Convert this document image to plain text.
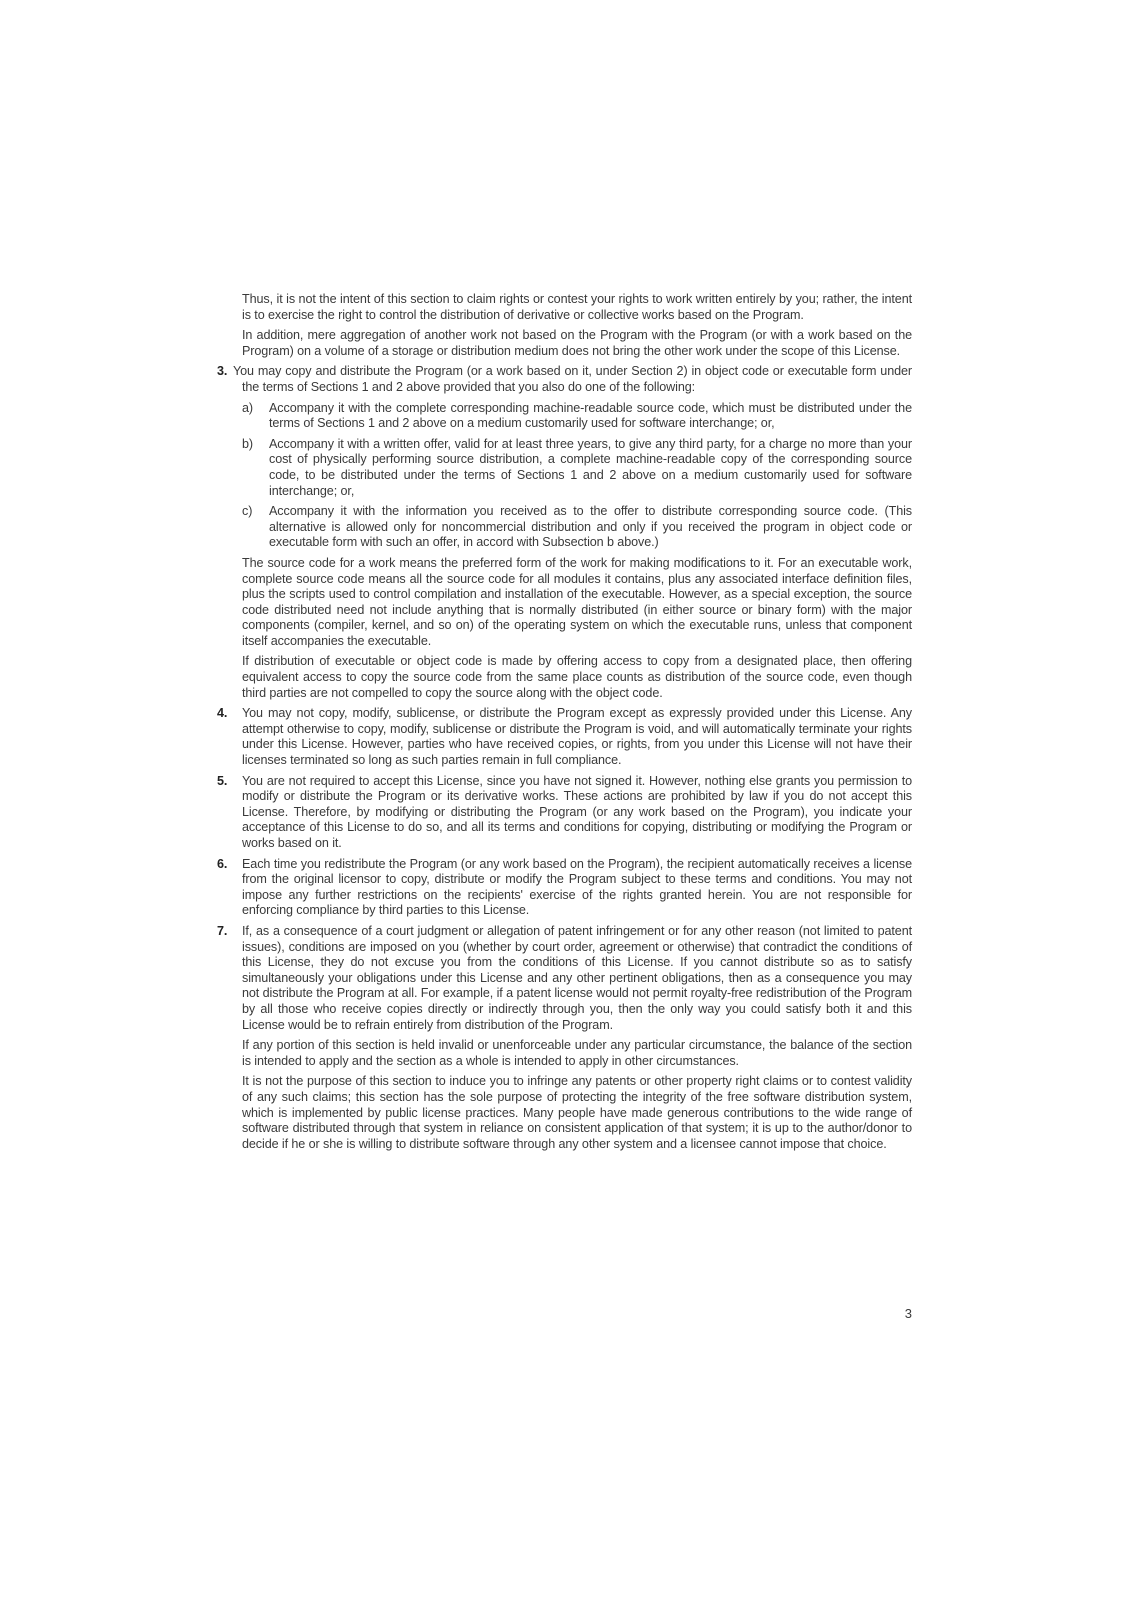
Thus, it is not the intent of this section to claim rights or contest your rights to work written entirely by you; rather, the intent is to exercise the right to control the distribution of derivative or collective works based on the Program.

In addition, mere aggregation of another work not based on the Program with the Program (or with a work based on the Program) on a volume of a storage or distribution medium does not bring the other work under the scope of this License.

3. You may copy and distribute the Program (or a work based on it, under Section 2) in object code or executable form under the terms of Sections 1 and 2 above provided that you also do one of the following:

a) Accompany it with the complete corresponding machine-readable source code, which must be distributed under the terms of Sections 1 and 2 above on a medium customarily used for software interchange; or,

b) Accompany it with a written offer, valid for at least three years, to give any third party, for a charge no more than your cost of physically performing source distribution, a complete machine-readable copy of the corresponding source code, to be distributed under the terms of Sections 1 and 2 above on a medium customarily used for software interchange; or,

c) Accompany it with the information you received as to the offer to distribute corresponding source code. (This alternative is allowed only for noncommercial distribution and only if you received the program in object code or executable form with such an offer, in accord with Subsection b above.)

The source code for a work means the preferred form of the work for making modifications to it. For an executable work, complete source code means all the source code for all modules it contains, plus any associated interface definition files, plus the scripts used to control compilation and installation of the executable. However, as a special exception, the source code distributed need not include anything that is normally distributed (in either source or binary form) with the major components (compiler, kernel, and so on) of the operating system on which the executable runs, unless that component itself accompanies the executable.

If distribution of executable or object code is made by offering access to copy from a designated place, then offering equivalent access to copy the source code from the same place counts as distribution of the source code, even though third parties are not compelled to copy the source along with the object code.

4. You may not copy, modify, sublicense, or distribute the Program except as expressly provided under this License. Any attempt otherwise to copy, modify, sublicense or distribute the Program is void, and will automatically terminate your rights under this License. However, parties who have received copies, or rights, from you under this License will not have their licenses terminated so long as such parties remain in full compliance.

5. You are not required to accept this License, since you have not signed it. However, nothing else grants you permission to modify or distribute the Program or its derivative works. These actions are prohibited by law if you do not accept this License. Therefore, by modifying or distributing the Program (or any work based on the Program), you indicate your acceptance of this License to do so, and all its terms and conditions for copying, distributing or modifying the Program or works based on it.

6. Each time you redistribute the Program (or any work based on the Program), the recipient automatically receives a license from the original licensor to copy, distribute or modify the Program subject to these terms and conditions. You may not impose any further restrictions on the recipients' exercise of the rights granted herein. You are not responsible for enforcing compliance by third parties to this License.

7. If, as a consequence of a court judgment or allegation of patent infringement or for any other reason (not limited to patent issues), conditions are imposed on you (whether by court order, agreement or otherwise) that contradict the conditions of this License, they do not excuse you from the conditions of this License. If you cannot distribute so as to satisfy simultaneously your obligations under this License and any other pertinent obligations, then as a consequence you may not distribute the Program at all. For example, if a patent license would not permit royalty-free redistribution of the Program by all those who receive copies directly or indirectly through you, then the only way you could satisfy both it and this License would be to refrain entirely from distribution of the Program.

If any portion of this section is held invalid or unenforceable under any particular circumstance, the balance of the section is intended to apply and the section as a whole is intended to apply in other circumstances.

It is not the purpose of this section to induce you to infringe any patents or other property right claims or to contest validity of any such claims; this section has the sole purpose of protecting the integrity of the free software distribution system, which is implemented by public license practices. Many people have made generous contributions to the wide range of software distributed through that system in reliance on consistent application of that system; it is up to the author/donor to decide if he or she is willing to distribute software through any other system and a licensee cannot impose that choice.

3
